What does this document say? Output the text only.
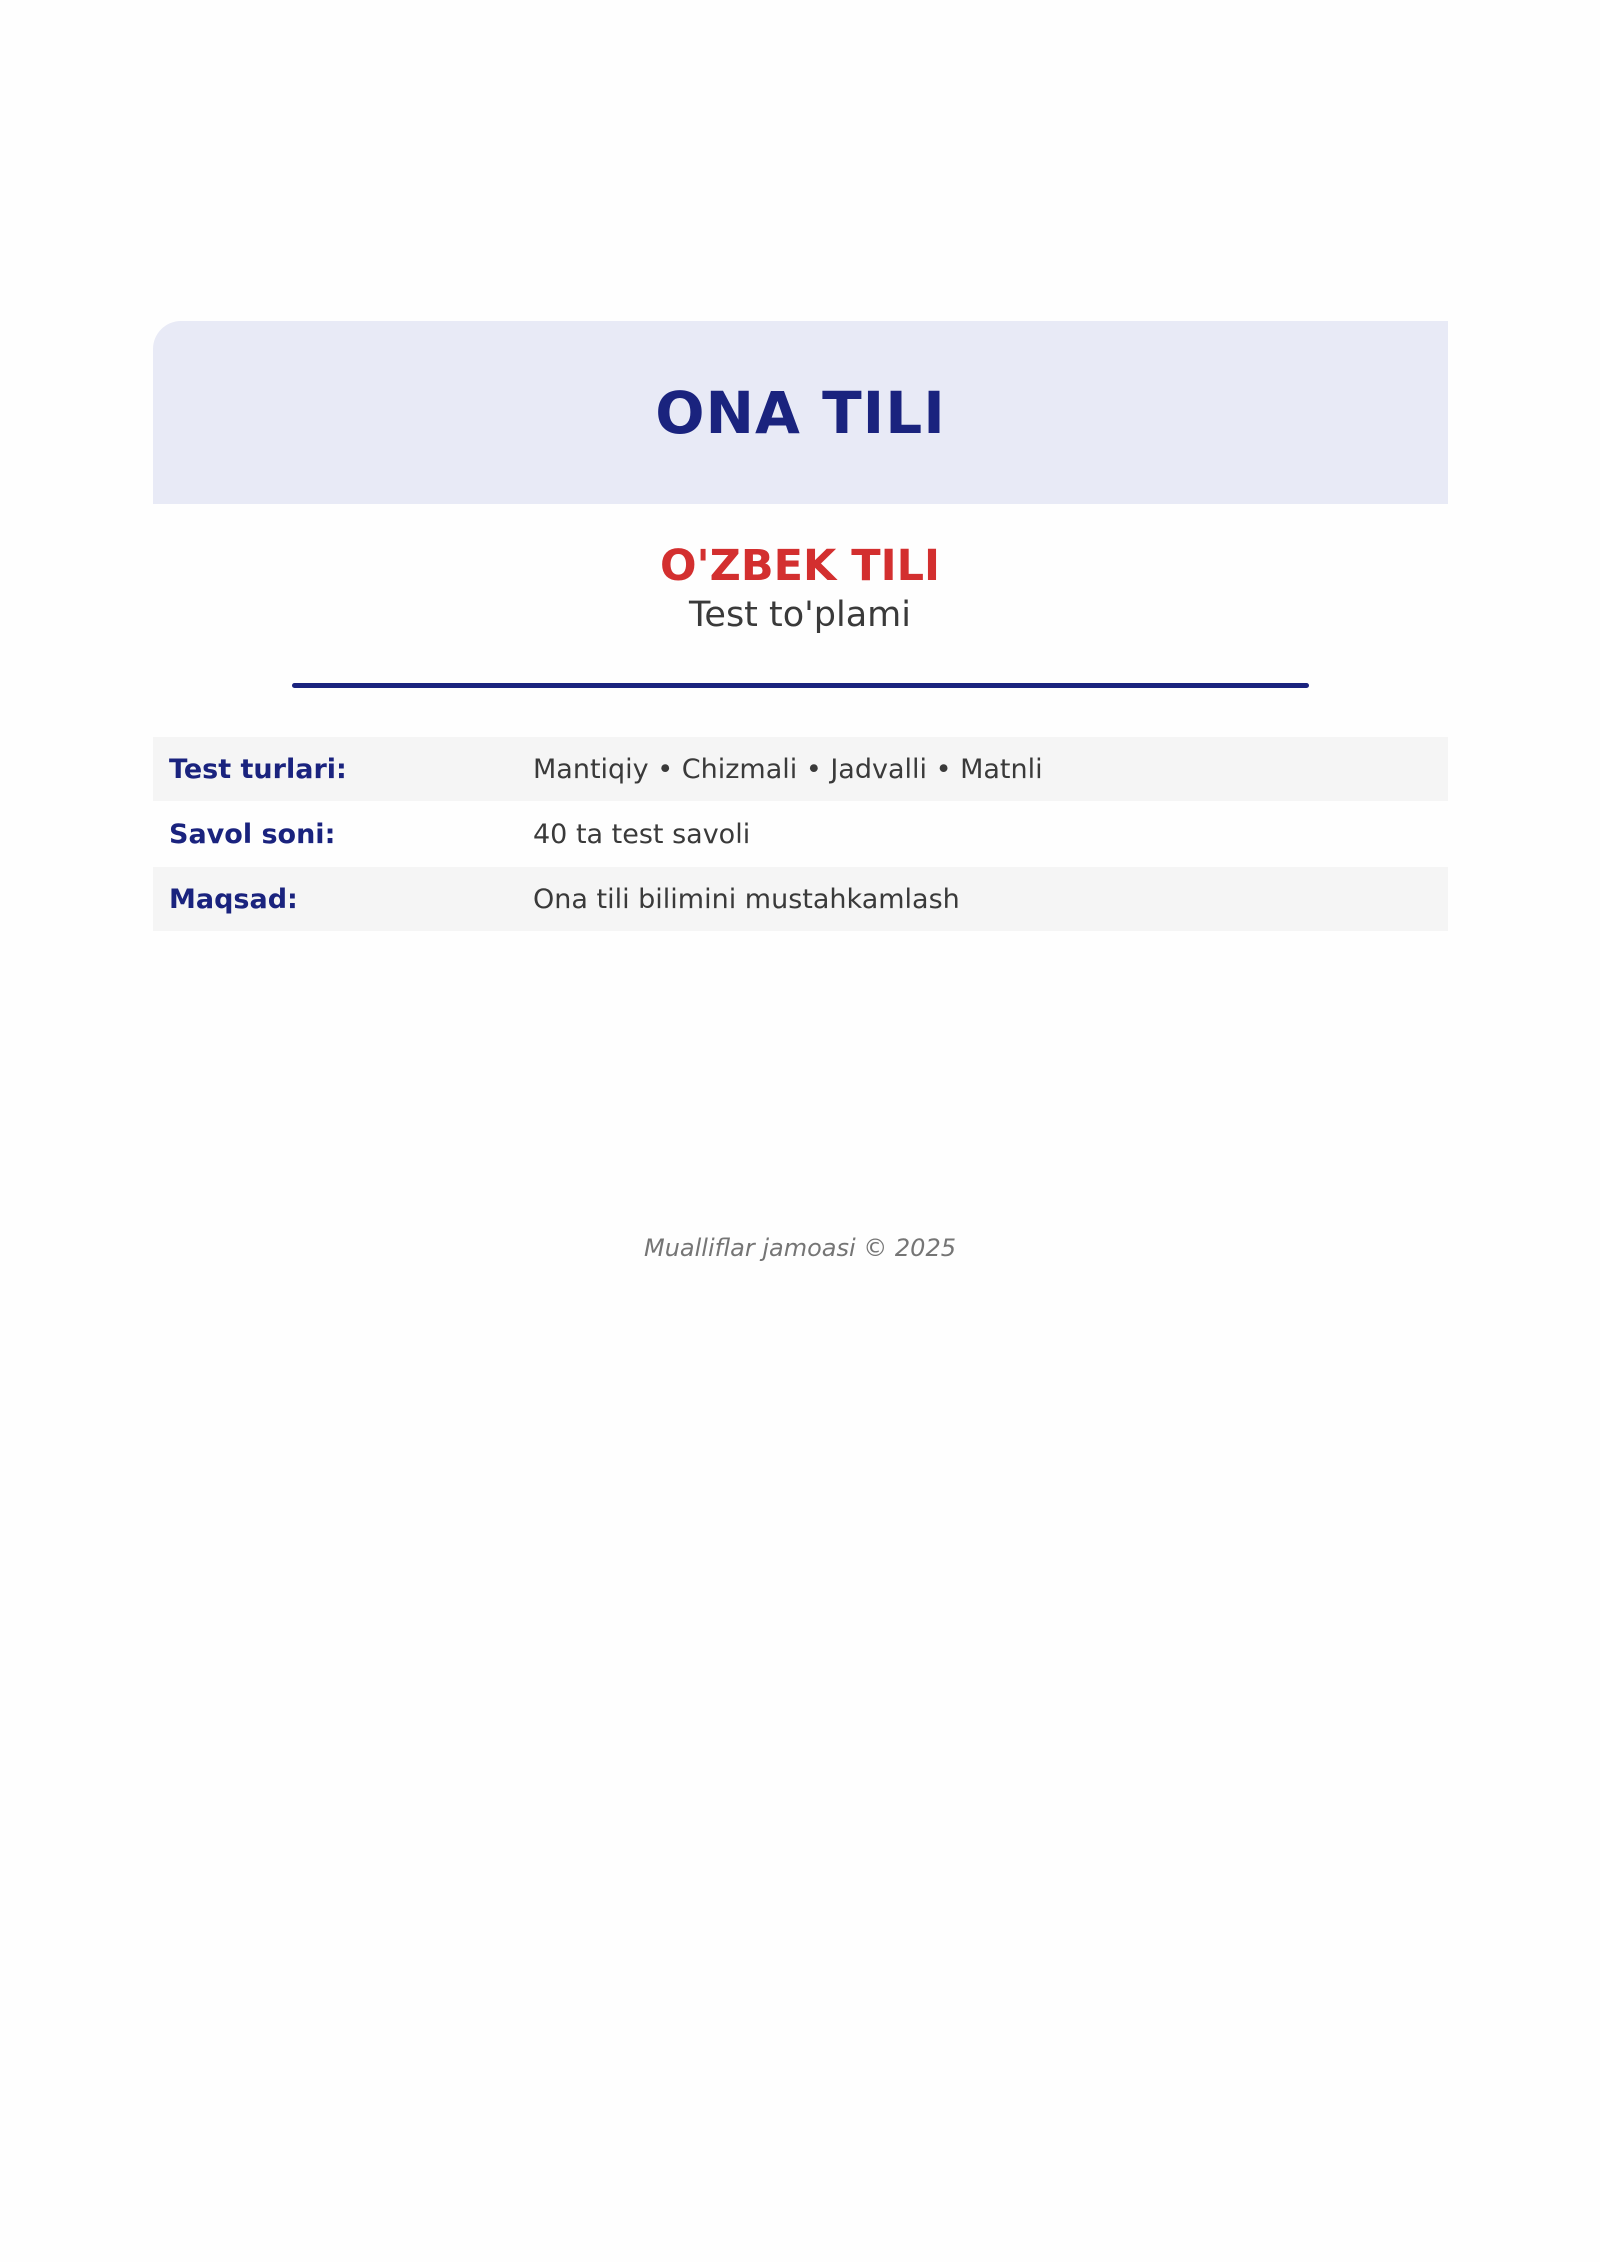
ONA TILI
O'ZBEK TILI
Test to'plami
Test turlari:	Mantiqiy • Chizmali • Jadvalli • Matnli
Savol soni:	40 ta test savoli
Maqsad:	Ona tili bilimini mustahkamlash
Mualliflar jamoasi © 2025
